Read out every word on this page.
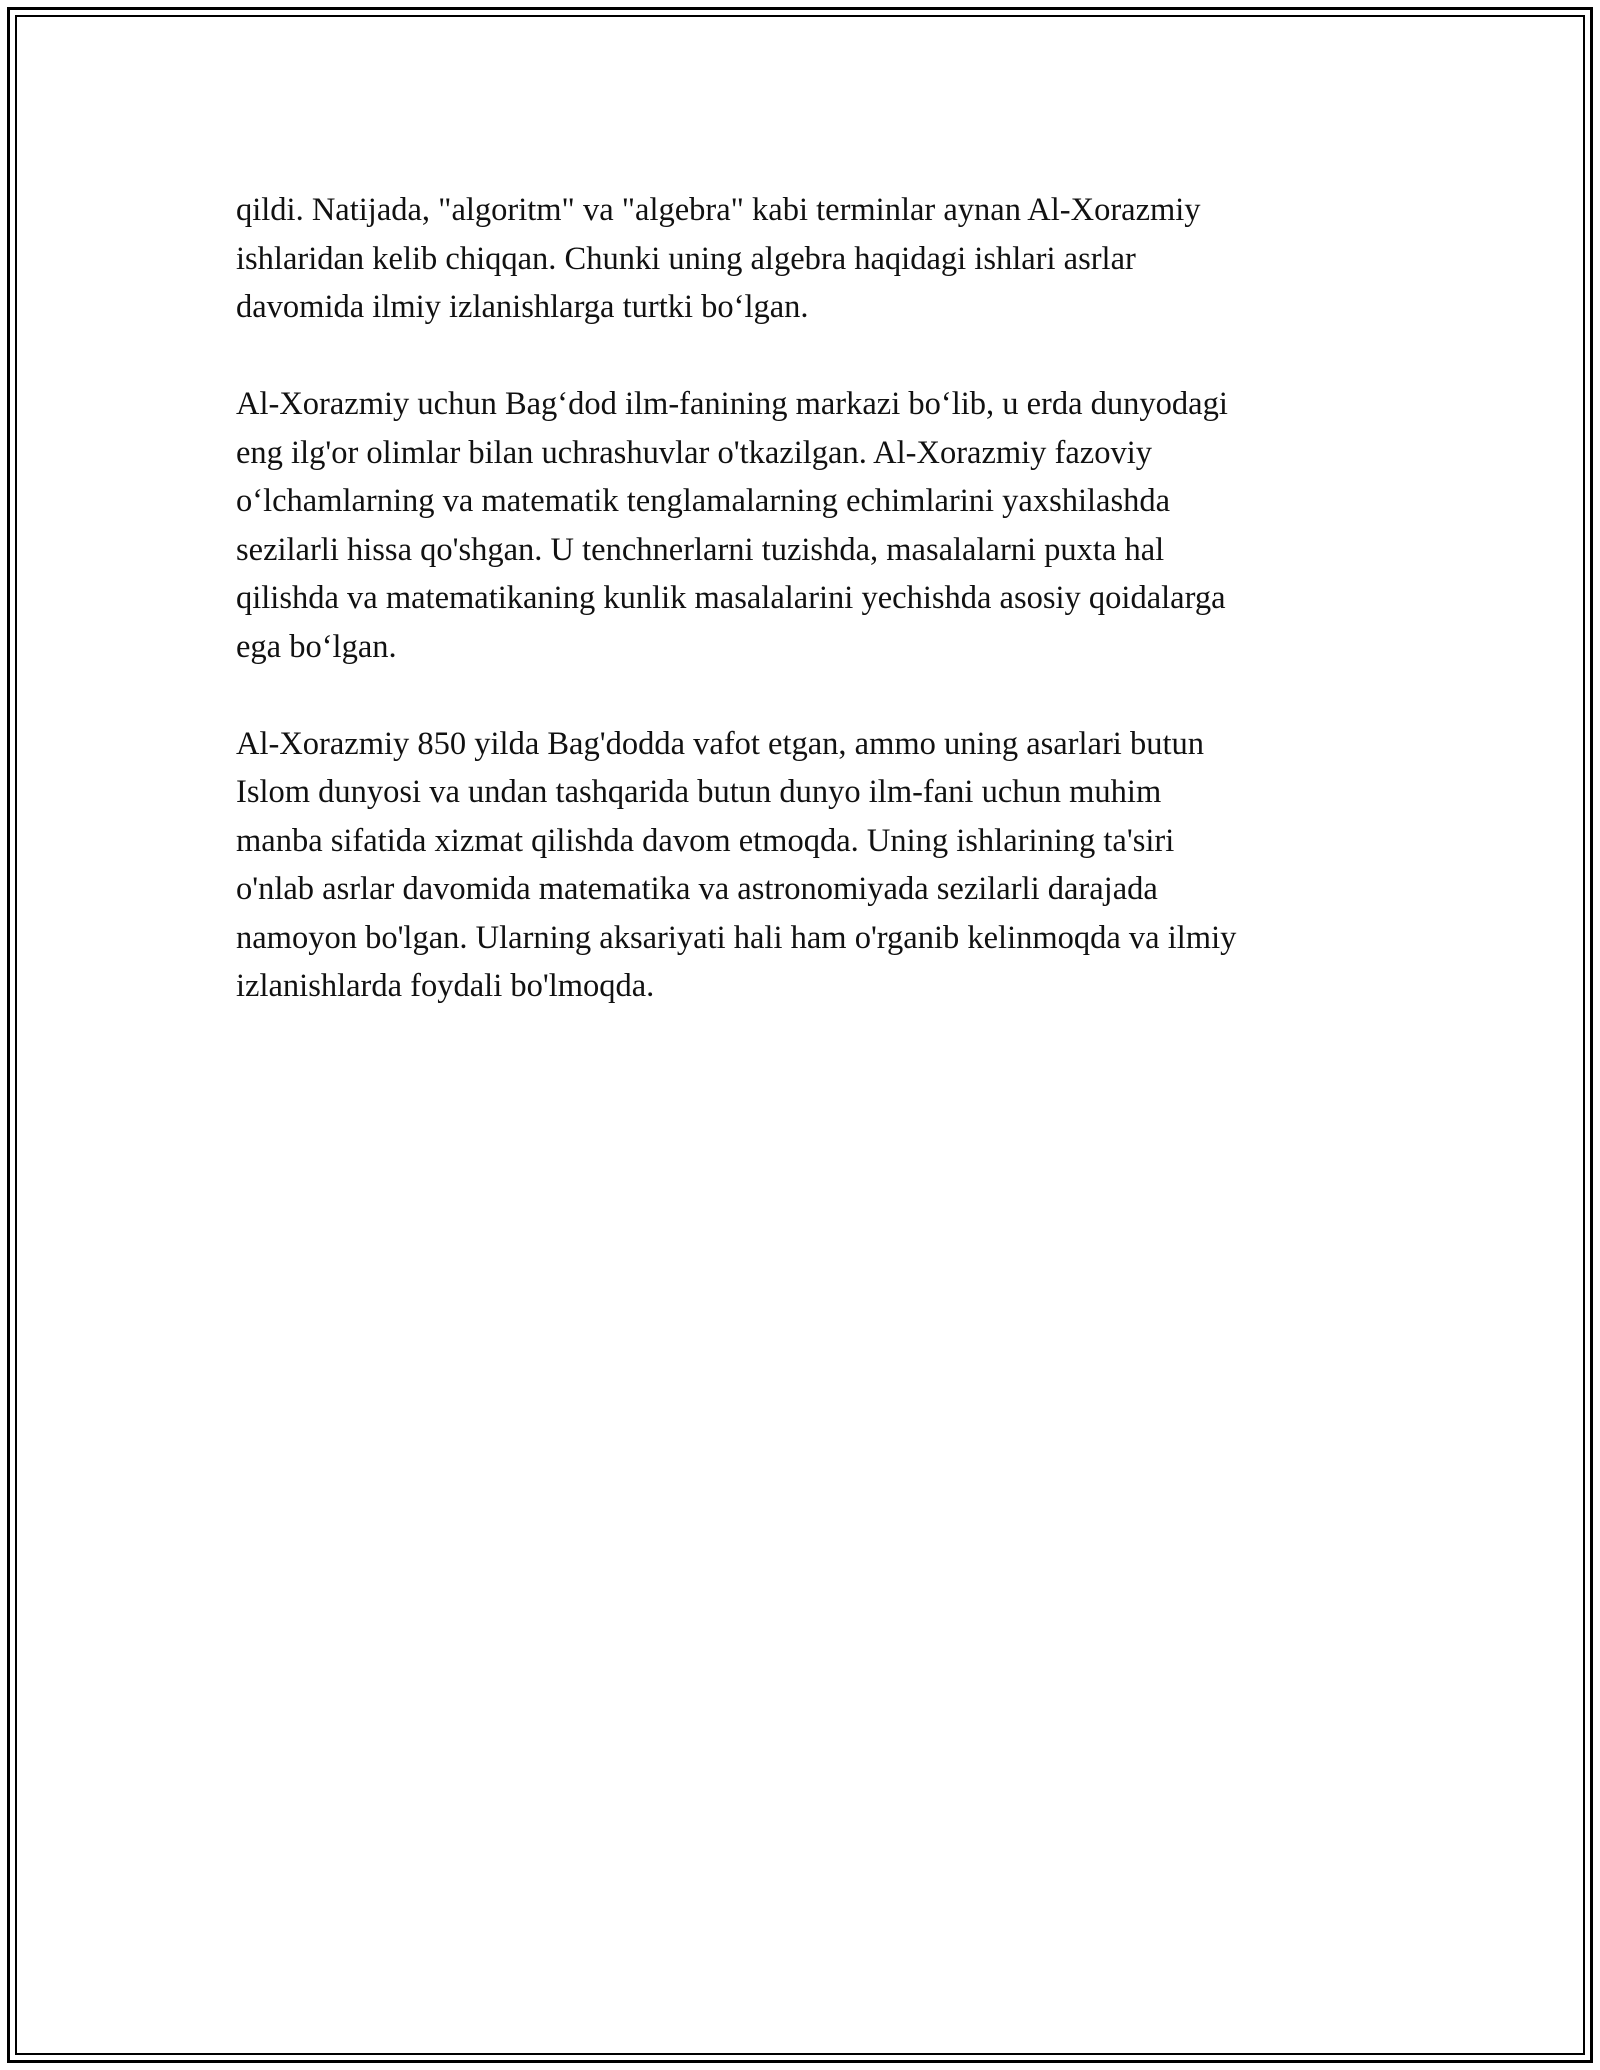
qildi. Natijada, "algoritm" va "algebra" kabi terminlar aynan Al-Xorazmiy
ishlaridan kelib chiqqan. Chunki uning algebra haqidagi ishlari asrlar
davomida ilmiy izlanishlarga turtki bo‘lgan.

Al-Xorazmiy uchun Bag‘dod ilm-fanining markazi bo‘lib, u erda dunyodagi
eng ilg'or olimlar bilan uchrashuvlar o'tkazilgan. Al-Xorazmiy fazoviy
o‘lchamlarning va matematik tenglamalarning echimlarini yaxshilashda
sezilarli hissa qo'shgan. U tenchnerlarni tuzishda, masalalarni puxta hal
qilishda va matematikaning kunlik masalalarini yechishda asosiy qoidalarga
ega bo‘lgan.

Al-Xorazmiy 850 yilda Bag'dodda vafot etgan, ammo uning asarlari butun
Islom dunyosi va undan tashqarida butun dunyo ilm-fani uchun muhim
manba sifatida xizmat qilishda davom etmoqda. Uning ishlarining ta'siri
o'nlab asrlar davomida matematika va astronomiyada sezilarli darajada
namoyon bo'lgan. Ularning aksariyati hali ham o'rganib kelinmoqda va ilmiy
izlanishlarda foydali bo'lmoqda.
